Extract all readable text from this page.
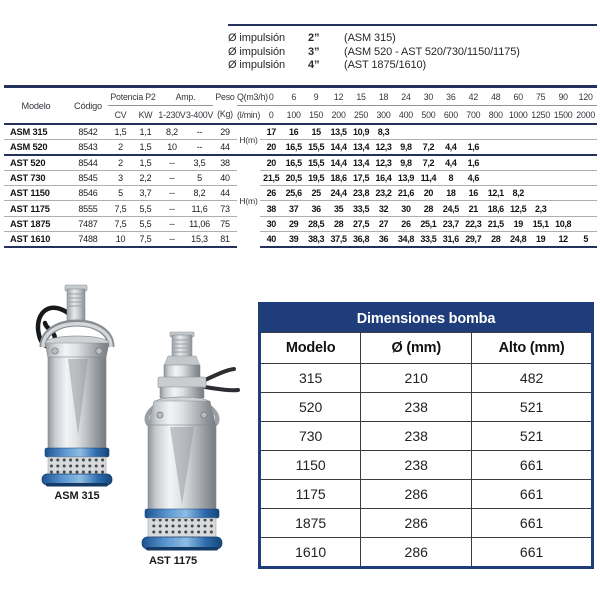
Ø impulsión	2”	(ASM 315)
Ø impulsión	3”	(ASM 520 - AST 520/730/1150/1175)
Ø impulsión	4”	(AST 1875/1610)
Modelo	Código	Potencia P2		Amp.		Peso	Q(m3/h)	0	6	9	12	15	18	24	30	36	42	48	60	75	90	120
		CV	KW	1-230V	3-400V	(Kg)	(l/min)	0	100	150	200	250	300	400	500	600	700	800	1000	1250	1500	2000
ASM 315	8542	1,5	1,1	8,2	--	29	H(m)	17	16	15	13,5	10,9	8,3									
ASM 520	8543	2	1,5	10	--	44		20	16,5	15,5	14,4	13,4	12,3	9,8	7,2	4,4	1,6					
AST 520	8544	2	1,5	--	3,5	38	H(m)	20	16,5	15,5	14,4	13,4	12,3	9,8	7,2	4,4	1,6					
AST 730	8545	3	2,2	--	5	40		21,5	20,5	19,5	18,6	17,5	16,4	13,9	11,4	8	4,6					
AST 1150	8546	5	3,7	--	8,2	44		26	25,6	25	24,4	23,8	23,2	21,6	20	18	16	12,1	8,2			
AST 1175	8555	7,5	5,5	--	11,6	73		38	37	36	35	33,5	32	30	28	24,5	21	18,6	12,5	2,3		
AST 1875	7487	7,5	5,5	--	11,06	75		30	29	28,5	28	27,5	27	26	25,1	23,7	22,3	21,5	19	15,1	10,8	
AST 1610	7488	10	7,5	--	15,3	81		40	39	38,3	37,5	36,8	36	34,8	33,5	31,6	29,7	28	24,8	19	12	5
ASM 315
AST 1175
Dimensiones bomba		
Modelo	Ø (mm)	Alto (mm)
315	210	482
520	238	521
730	238	521
1150	238	661
1175	286	661
1875	286	661
1610	286	661
